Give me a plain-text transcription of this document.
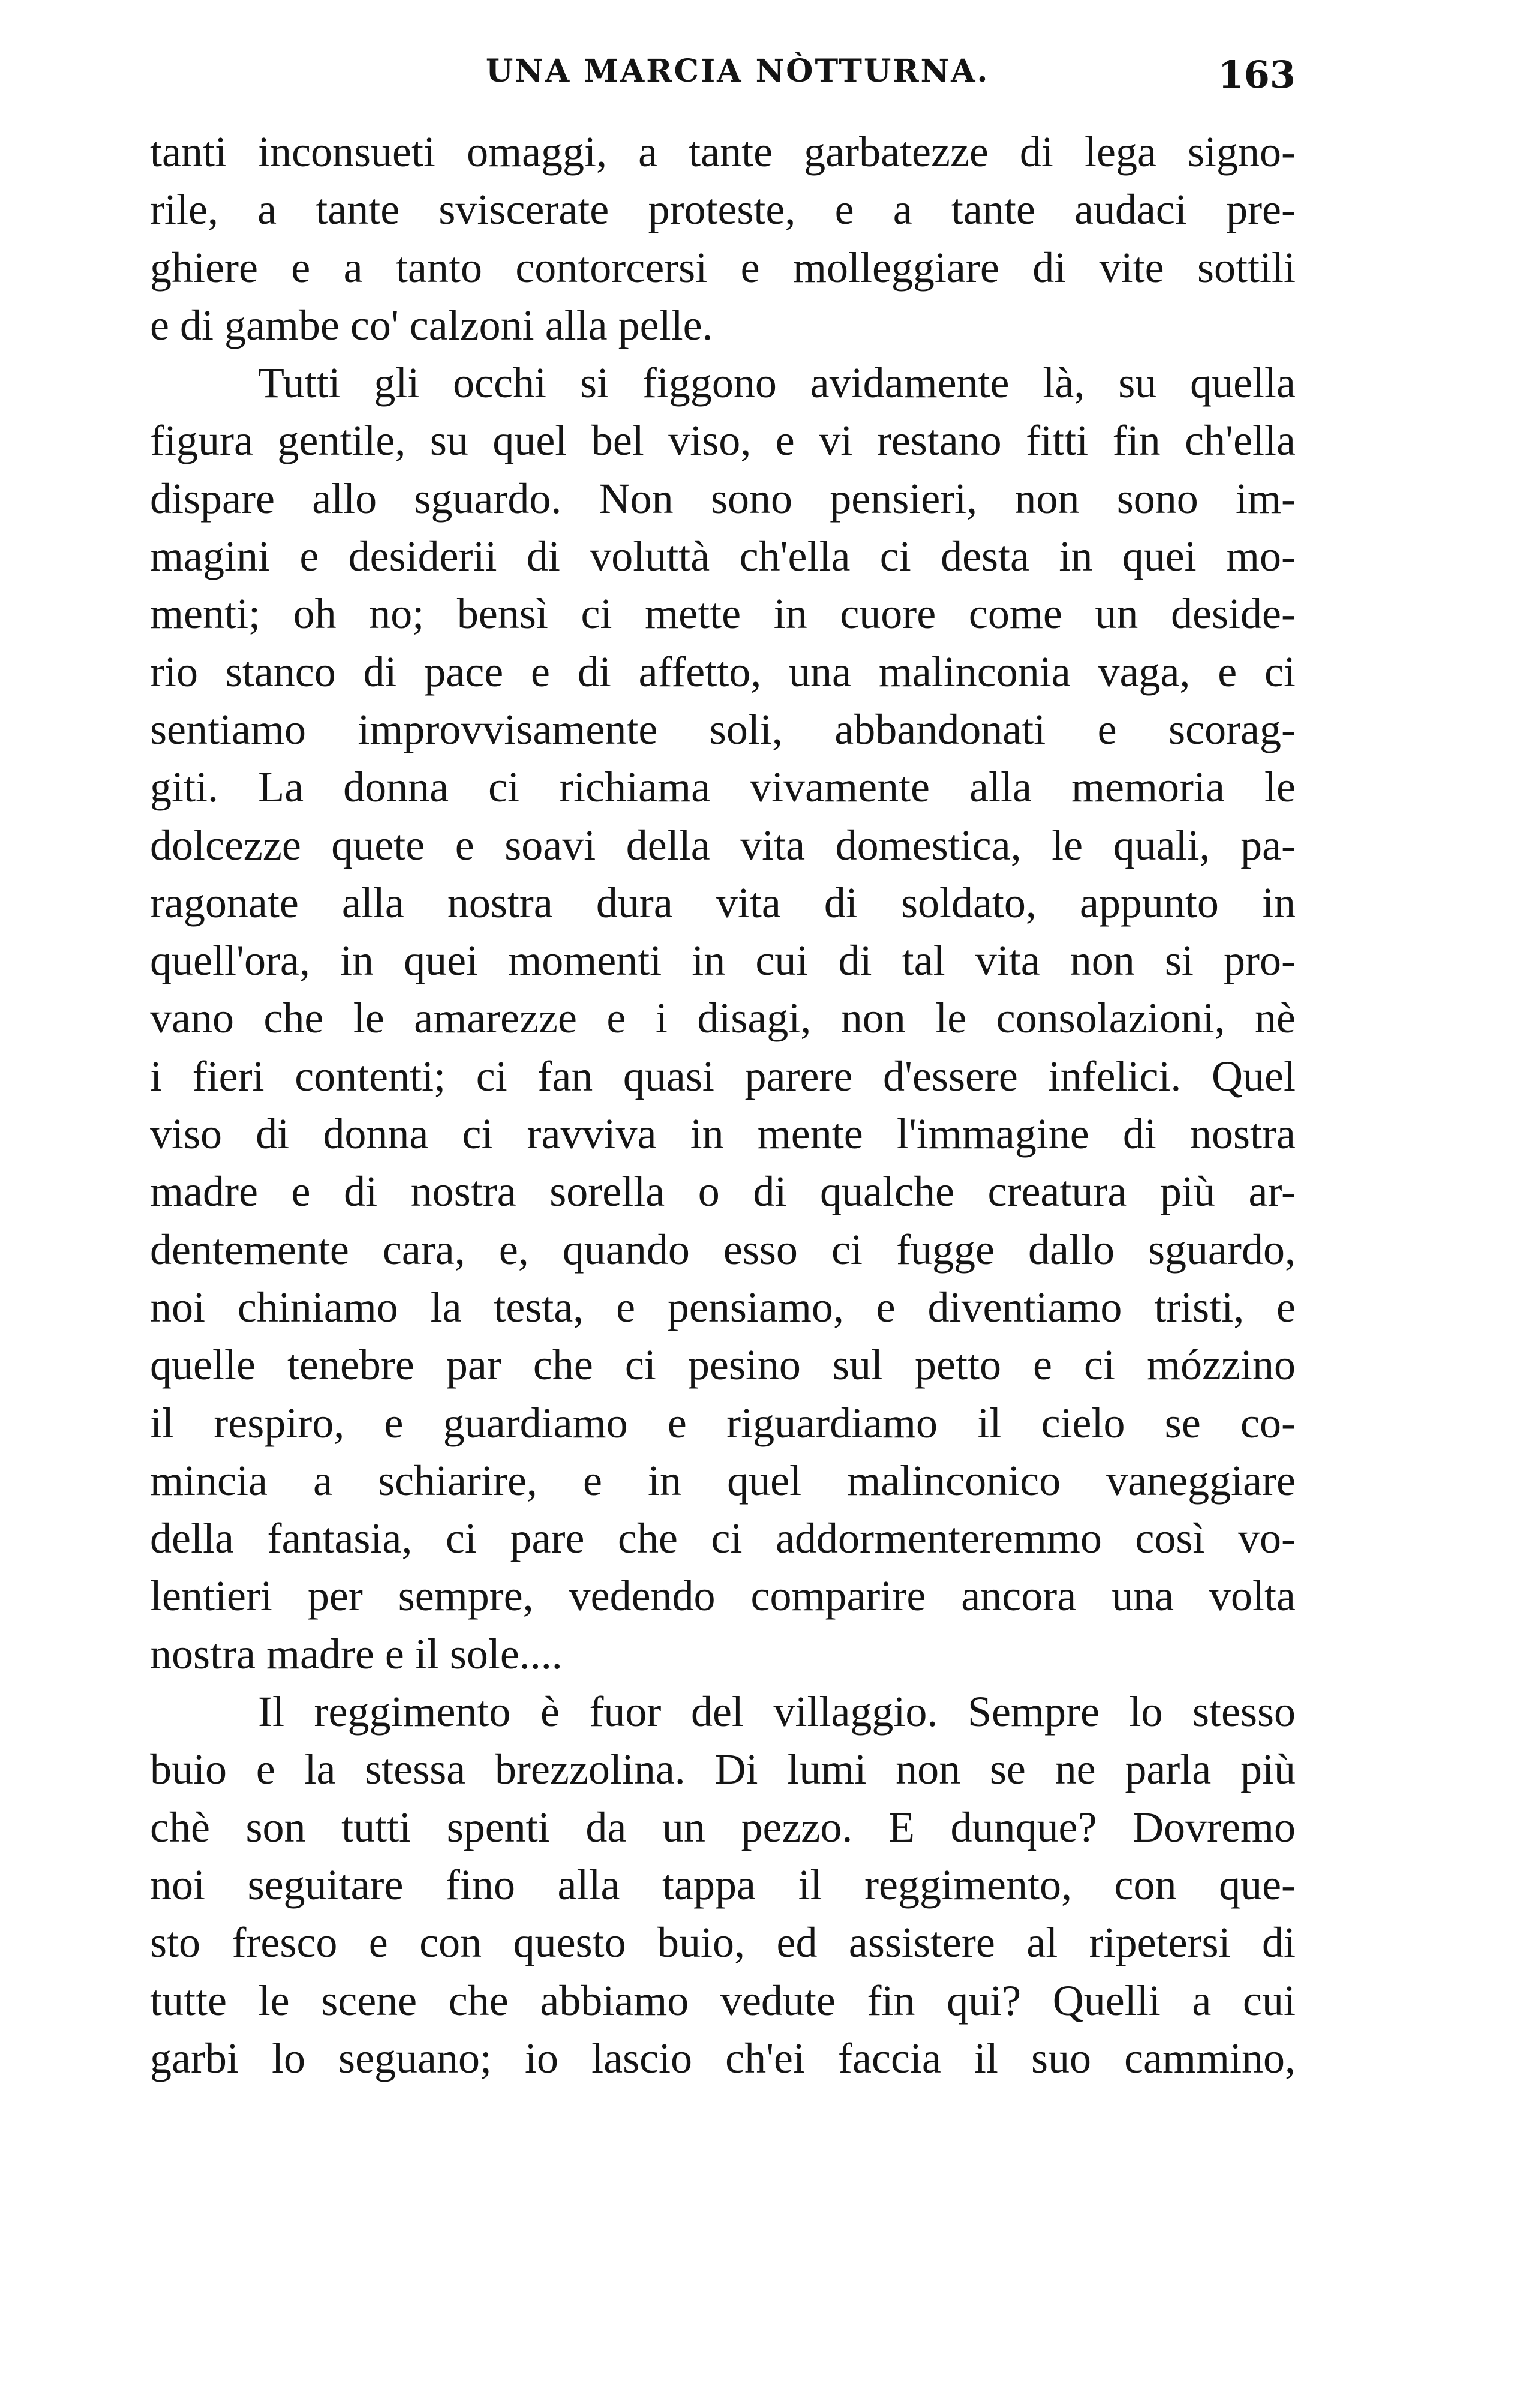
UNA MARCIA NÒTTURNA.	163
tanti inconsueti omaggi, a tante garbatezze di lega signo-
rile, a tante sviscerate proteste, e a tante audaci pre-
ghiere e a tanto contorcersi e molleggiare di vite sottili
e di gambe co' calzoni alla pelle.
Tutti gli occhi si figgono avidamente là, su quella
figura gentile, su quel bel viso, e vi restano fitti fin ch'ella
dispare allo sguardo. Non sono pensieri, non sono im-
magini e desiderii di voluttà ch'ella ci desta in quei mo-
menti; oh no; bensì ci mette in cuore come un deside-
rio stanco di pace e di affetto, una malinconia vaga, e ci
sentiamo improvvisamente soli, abbandonati e scorag-
giti. La donna ci richiama vivamente alla memoria le
dolcezze quete e soavi della vita domestica, le quali, pa-
ragonate alla nostra dura vita di soldato, appunto in
quell'ora, in quei momenti in cui di tal vita non si pro-
vano che le amarezze e i disagi, non le consolazioni, nè
i fieri contenti; ci fan quasi parere d'essere infelici. Quel
viso di donna ci ravviva in mente l'immagine di nostra
madre e di nostra sorella o di qualche creatura più ar-
dentemente cara, e, quando esso ci fugge dallo sguardo,
noi chiniamo la testa, e pensiamo, e diventiamo tristi, e
quelle tenebre par che ci pesino sul petto e ci mózzino
il respiro, e guardiamo e riguardiamo il cielo se co-
mincia a schiarire, e in quel malinconico vaneggiare
della fantasia, ci pare che ci addormenteremmo così vo-
lentieri per sempre, vedendo comparire ancora una volta
nostra madre e il sole....
Il reggimento è fuor del villaggio. Sempre lo stesso
buio e la stessa brezzolina. Di lumi non se ne parla più
chè son tutti spenti da un pezzo. E dunque? Dovremo
noi seguitare fino alla tappa il reggimento, con que-
sto fresco e con questo buio, ed assistere al ripetersi di
tutte le scene che abbiamo vedute fin qui? Quelli a cui
garbi lo seguano; io lascio ch'ei faccia il suo cammino,
